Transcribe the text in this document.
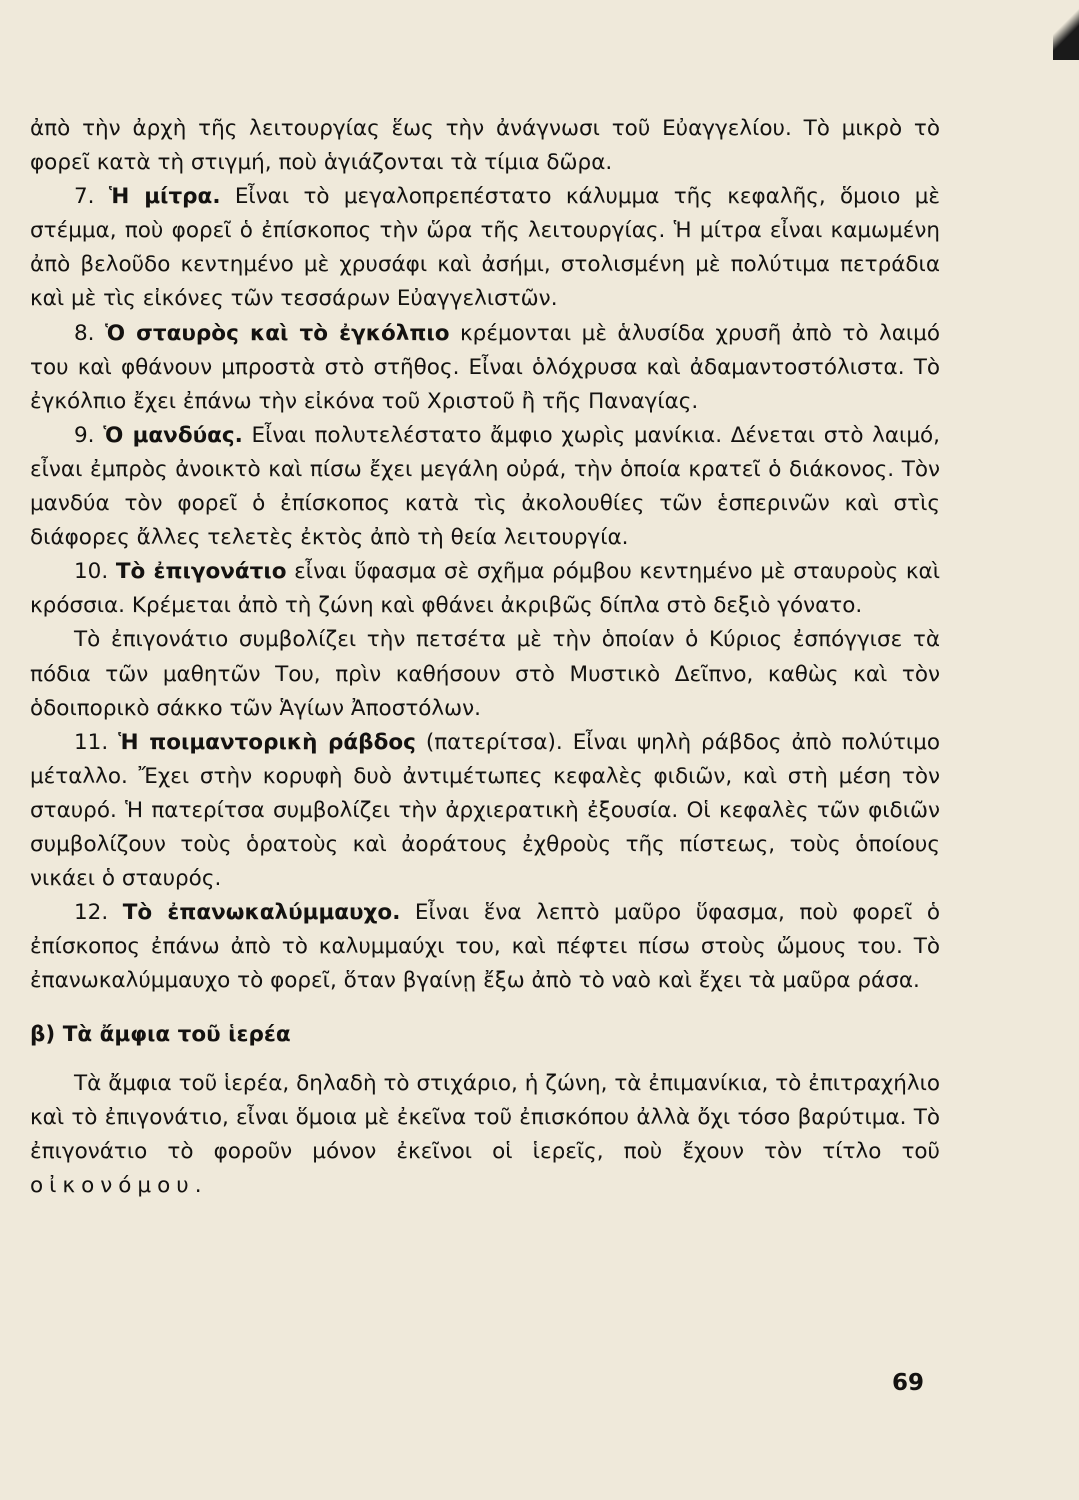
ἀπὸ τὴν ἀρχὴ τῆς λειτουργίας ἕως τὴν ἀνάγνωσι τοῦ Εὐαγγελίου. Τὸ μικρὸ τὸ φορεῖ κατὰ τὴ στιγμή, ποὺ ἁγιάζονται τὰ τίμια δῶρα.

7. Ἡ μίτρα. Εἶναι τὸ μεγαλοπρεπέστατο κάλυμμα τῆς κεφαλῆς, ὅμοιο μὲ στέμμα, ποὺ φορεῖ ὁ ἐπίσκοπος τὴν ὥρα τῆς λειτουργίας. Ἡ μίτρα εἶναι καμωμένη ἀπὸ βελοῦδο κεντημένο μὲ χρυσάφι καὶ ἀσήμι, στολισμένη μὲ πολύτιμα πετράδια καὶ μὲ τὶς εἰκόνες τῶν τεσσάρων Εὐαγγελιστῶν.

8. Ὁ σταυρὸς καὶ τὸ ἐγκόλπιο κρέμονται μὲ ἁλυσίδα χρυσῆ ἀπὸ τὸ λαιμό του καὶ φθάνουν μπροστὰ στὸ στῆθος. Εἶναι ὁλόχρυσα καὶ ἀδαμαντοστόλιστα. Τὸ ἐγκόλπιο ἔχει ἐπάνω τὴν εἰκόνα τοῦ Χριστοῦ ἢ τῆς Παναγίας.

9. Ὁ μανδύας. Εἶναι πολυτελέστατο ἄμφιο χωρὶς μανίκια. Δένεται στὸ λαιμό, εἶναι ἐμπρὸς ἀνοικτὸ καὶ πίσω ἔχει μεγάλη οὐρά, τὴν ὁποία κρατεῖ ὁ διάκονος. Τὸν μανδύα τὸν φορεῖ ὁ ἐπίσκοπος κατὰ τὶς ἀκολουθίες τῶν ἑσπερινῶν καὶ στὶς διάφορες ἄλλες τελετὲς ἐκτὸς ἀπὸ τὴ θεία λειτουργία.

10. Τὸ ἐπιγονάτιο εἶναι ὕφασμα σὲ σχῆμα ρόμβου κεντημένο μὲ σταυροὺς καὶ κρόσσια. Κρέμεται ἀπὸ τὴ ζώνη καὶ φθάνει ἀκριβῶς δίπλα στὸ δεξιὸ γόνατο.

Τὸ ἐπιγονάτιο συμβολίζει τὴν πετσέτα μὲ τὴν ὁποίαν ὁ Κύριος ἐσπόγγισε τὰ πόδια τῶν μαθητῶν Του, πρὶν καθήσουν στὸ Μυστικὸ Δεῖπνο, καθὼς καὶ τὸν ὁδοιπορικὸ σάκκο τῶν Ἁγίων Ἀποστόλων.

11. Ἡ ποιμαντορικὴ ράβδος (πατερίτσα). Εἶναι ψηλὴ ράβδος ἀπὸ πολύτιμο μέταλλο. Ἔχει στὴν κορυφὴ δυὸ ἀντιμέτωπες κεφαλὲς φιδιῶν, καὶ στὴ μέση τὸν σταυρό. Ἡ πατερίτσα συμβολίζει τὴν ἀρχιερατικὴ ἐξουσία. Οἱ κεφαλὲς τῶν φιδιῶν συμβολίζουν τοὺς ὁρατοὺς καὶ ἀοράτους ἐχθροὺς τῆς πίστεως, τοὺς ὁποίους νικάει ὁ σταυρός.

12. Τὸ ἐπανωκαλύμμαυχο. Εἶναι ἕνα λεπτὸ μαῦρο ὕφασμα, ποὺ φορεῖ ὁ ἐπίσκοπος ἐπάνω ἀπὸ τὸ καλυμμαύχι του, καὶ πέφτει πίσω στοὺς ὤμους του. Τὸ ἐπανωκαλύμμαυχο τὸ φορεῖ, ὅταν βγαίνῃ ἔξω ἀπὸ τὸ ναὸ καὶ ἔχει τὰ μαῦρα ράσα.

β) Τὰ ἄμφια τοῦ ἱερέα

Τὰ ἄμφια τοῦ ἱερέα, δηλαδὴ τὸ στιχάριο, ἡ ζώνη, τὰ ἐπιμανίκια, τὸ ἐπιτραχήλιο καὶ τὸ ἐπιγονάτιο, εἶναι ὅμοια μὲ ἐκεῖνα τοῦ ἐπισκόπου ἀλλὰ ὄχι τόσο βαρύτιμα. Τὸ ἐπιγονάτιο τὸ φοροῦν μόνον ἐκεῖνοι οἱ ἱερεῖς, ποὺ ἔχουν τὸν τίτλο τοῦ οἰκονόμου.

69
